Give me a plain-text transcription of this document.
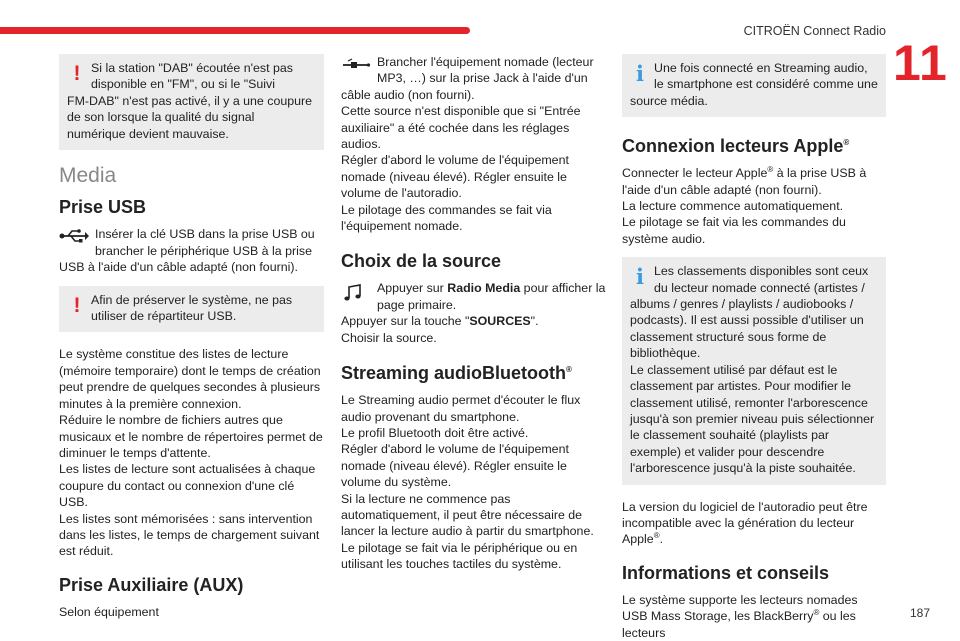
CITROËN Connect Radio
11
187
! Si la station "DAB" écoutée n'est pas disponible en "FM", ou si le "Suivi

FM-DAB" n'est pas activé, il y a une coupure de son lorsque la qualité du signal numérique devient mauvaise.

Media
Prise USB

Insérer la clé USB dans la prise USB ou brancher le périphérique USB à la prise

USB à l'aide d'un câble adapté (non fourni).

! Afin de préserver le système, ne pas utiliser de répartiteur USB.

Le système constitue des listes de lecture (mémoire temporaire) dont le temps de création peut prendre de quelques secondes à plusieurs minutes à la première connexion.
Réduire le nombre de fichiers autres que musicaux et le nombre de répertoires permet de diminuer le temps d'attente.
Les listes de lecture sont actualisées à chaque coupure du contact ou connexion d'une clé USB.
Les listes sont mémorisées : sans intervention dans les listes, le temps de chargement suivant est réduit.

Prise Auxiliaire (AUX)

Selon équipement

Brancher l'équipement nomade (lecteur MP3, …) sur la prise Jack à l'aide d'un

câble audio (non fourni).
Cette source n'est disponible que si "Entrée auxiliaire" a été cochée dans les réglages audios.
Régler d'abord le volume de l'équipement nomade (niveau élevé). Régler ensuite le volume de l'autoradio.
Le pilotage des commandes se fait via l'équipement nomade.

Choix de la source

Appuyer sur Radio Media pour afficher la page primaire.

Appuyer sur la touche "SOURCES".

Choisir la source.

Streaming audioBluetooth®

Le Streaming audio permet d'écouter le flux audio provenant du smartphone.
Le profil Bluetooth doit être activé.
Régler d'abord le volume de l'équipement nomade (niveau élevé). Régler ensuite le volume du système.
Si la lecture ne commence pas automatiquement, il peut être nécessaire de lancer la lecture audio à partir du smartphone.
Le pilotage se fait via le périphérique ou en utilisant les touches tactiles du système.

i Une fois connecté en Streaming audio, le smartphone est considéré comme une

source média.

Connexion lecteurs Apple®

Connecter le lecteur Apple® à la prise USB à l'aide d'un câble adapté (non fourni).
La lecture commence automatiquement.
Le pilotage se fait via les commandes du système audio.

i Les classements disponibles sont ceux du lecteur nomade connecté (artistes /

albums / genres / playlists / audiobooks / podcasts). Il est aussi possible d'utiliser un classement structuré sous forme de bibliothèque.
Le classement utilisé par défaut est le classement par artistes. Pour modifier le classement utilisé, remonter l'arborescence jusqu'à son premier niveau puis sélectionner le classement souhaité (playlists par exemple) et valider pour descendre l'arborescence jusqu'à la piste souhaitée.

La version du logiciel de l'autoradio peut être incompatible avec la génération du lecteur Apple®.

Informations et conseils

Le système supporte les lecteurs nomades USB Mass Storage, les BlackBerry® ou les lecteurs
